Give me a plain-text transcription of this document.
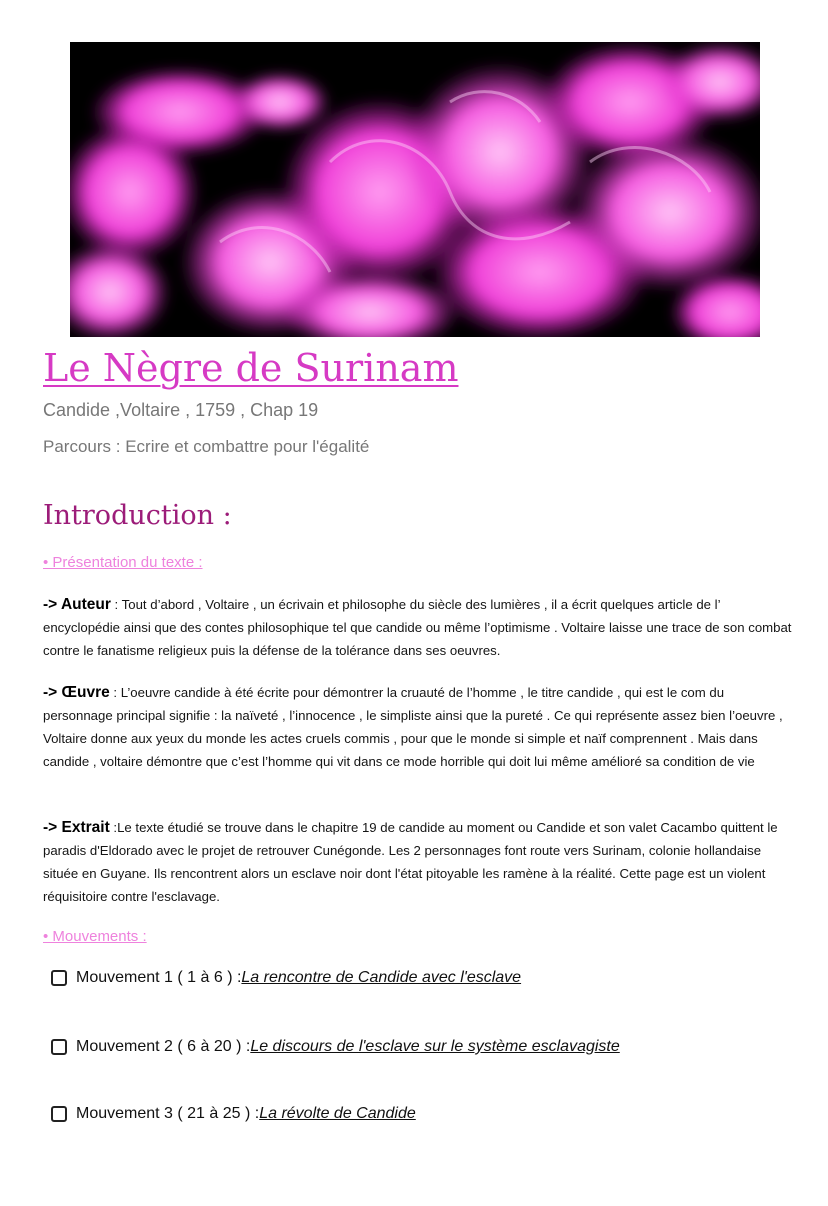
Le Nègre de Surinam

Candide ,Voltaire , 1759 , Chap 19

Parcours : Ecrire et combattre pour l'égalité

Introduction :

• Présentation du texte :

-> Auteur : Tout d’abord , Voltaire , un écrivain et philosophe du siècle des lumières , il a écrit quelques article de l’ encyclopédie ainsi que des contes philosophique tel que candide ou même l’optimisme . Voltaire laisse une trace de son combat contre le fanatisme religieux puis la défense de la tolérance dans ses oeuvres.

-> Œuvre : L’oeuvre candide à été écrite pour démontrer la cruauté de l’homme , le titre candide , qui est le com du personnage principal signifie : la naïveté , l’innocence , le simpliste ainsi que la pureté . Ce qui représente assez bien l’oeuvre , Voltaire donne aux yeux du monde les actes cruels commis , pour que le monde si simple et naïf comprennent . Mais dans candide , voltaire démontre que c’est l’homme qui vit dans ce mode horrible qui doit lui même amélioré sa condition de vie

-> Extrait :Le texte étudié se trouve dans le chapitre 19 de candide au moment ou Candide et son valet Cacambo quittent le paradis d'Eldorado avec le projet de retrouver Cunégonde. Les 2 personnages font route vers Surinam, colonie hollandaise située en Guyane. Ils rencontrent alors un esclave noir dont l'état pitoyable les ramène à la réalité. Cette page est un violent réquisitoire contre l'esclavage.

• Mouvements :

Mouvement 1 ( 1 à 6 ) : La rencontre de Candide avec l'esclave
Mouvement 2 ( 6 à 20 ) : Le discours de l'esclave sur le système esclavagiste
Mouvement 3 ( 21 à 25 ) : La révolte de Candide
